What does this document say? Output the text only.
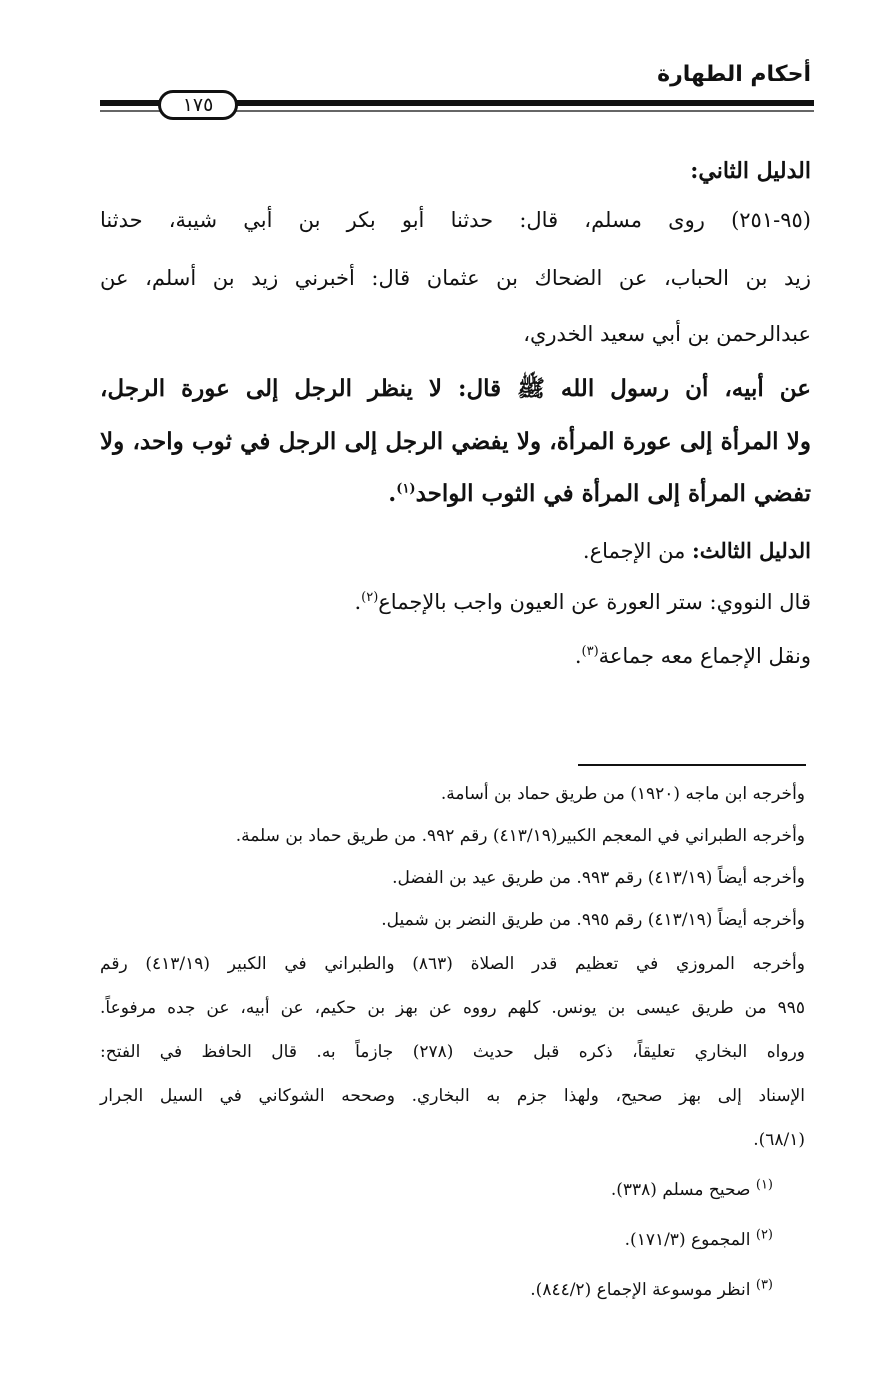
أحكام الطهارة
١٧٥
الدليل الثاني:
(٩٥-٢٥١) روى مسلم، قال: حدثنا أبو بكر بن أبي شيبة، حدثنا
زيد بن الحباب، عن الضحاك بن عثمان قال: أخبرني زيد بن أسلم، عن
عبدالرحمن بن أبي سعيد الخدري،
عن أبيه، أن رسول الله ﷺ قال: لا ينظر الرجل إلى عورة الرجل،
ولا المرأة إلى عورة المرأة، ولا يفضي الرجل إلى الرجل في ثوب واحد، ولا
تفضي المرأة إلى المرأة في الثوب الواحد$^{(١)}$.
الدليل الثالث: من الإجماع.
قال النووي: ستر العورة عن العيون واجب بالإجماع$^{(٢)}$.
ونقل الإجماع معه جماعة$^{(٣)}$.
وأخرجه ابن ماجه (١٩٢٠) من طريق حماد بن أسامة.
وأخرجه الطبراني في المعجم الكبير(٤١٣/١٩) رقم ٩٩٢. من طريق حماد بن سلمة.
وأخرجه أيضاً (٤١٣/١٩) رقم ٩٩٣. من طريق عيد بن الفضل.
وأخرجه أيضاً (٤١٣/١٩) رقم ٩٩٥. من طريق النضر بن شميل.
وأخرجه المروزي في تعظيم قدر الصلاة (٨٦٣) والطبراني في الكبير (٤١٣/١٩) رقم
٩٩٥ من طريق عيسى بن يونس. كلهم رووه عن بهز بن حكيم، عن أبيه، عن جده مرفوعاً.
ورواه البخاري تعليقاً، ذكره قبل حديث (٢٧٨) جازماً به. قال الحافظ في الفتح:
الإسناد إلى بهز صحيح، ولهذا جزم به البخاري. وصححه الشوكاني في السيل الجرار
(٦٨/١).
$^{(١)}$ صحيح مسلم (٣٣٨).
$^{(٢)}$ المجموع (١٧١/٣).
$^{(٣)}$ انظر موسوعة الإجماع (٨٤٤/٢).
